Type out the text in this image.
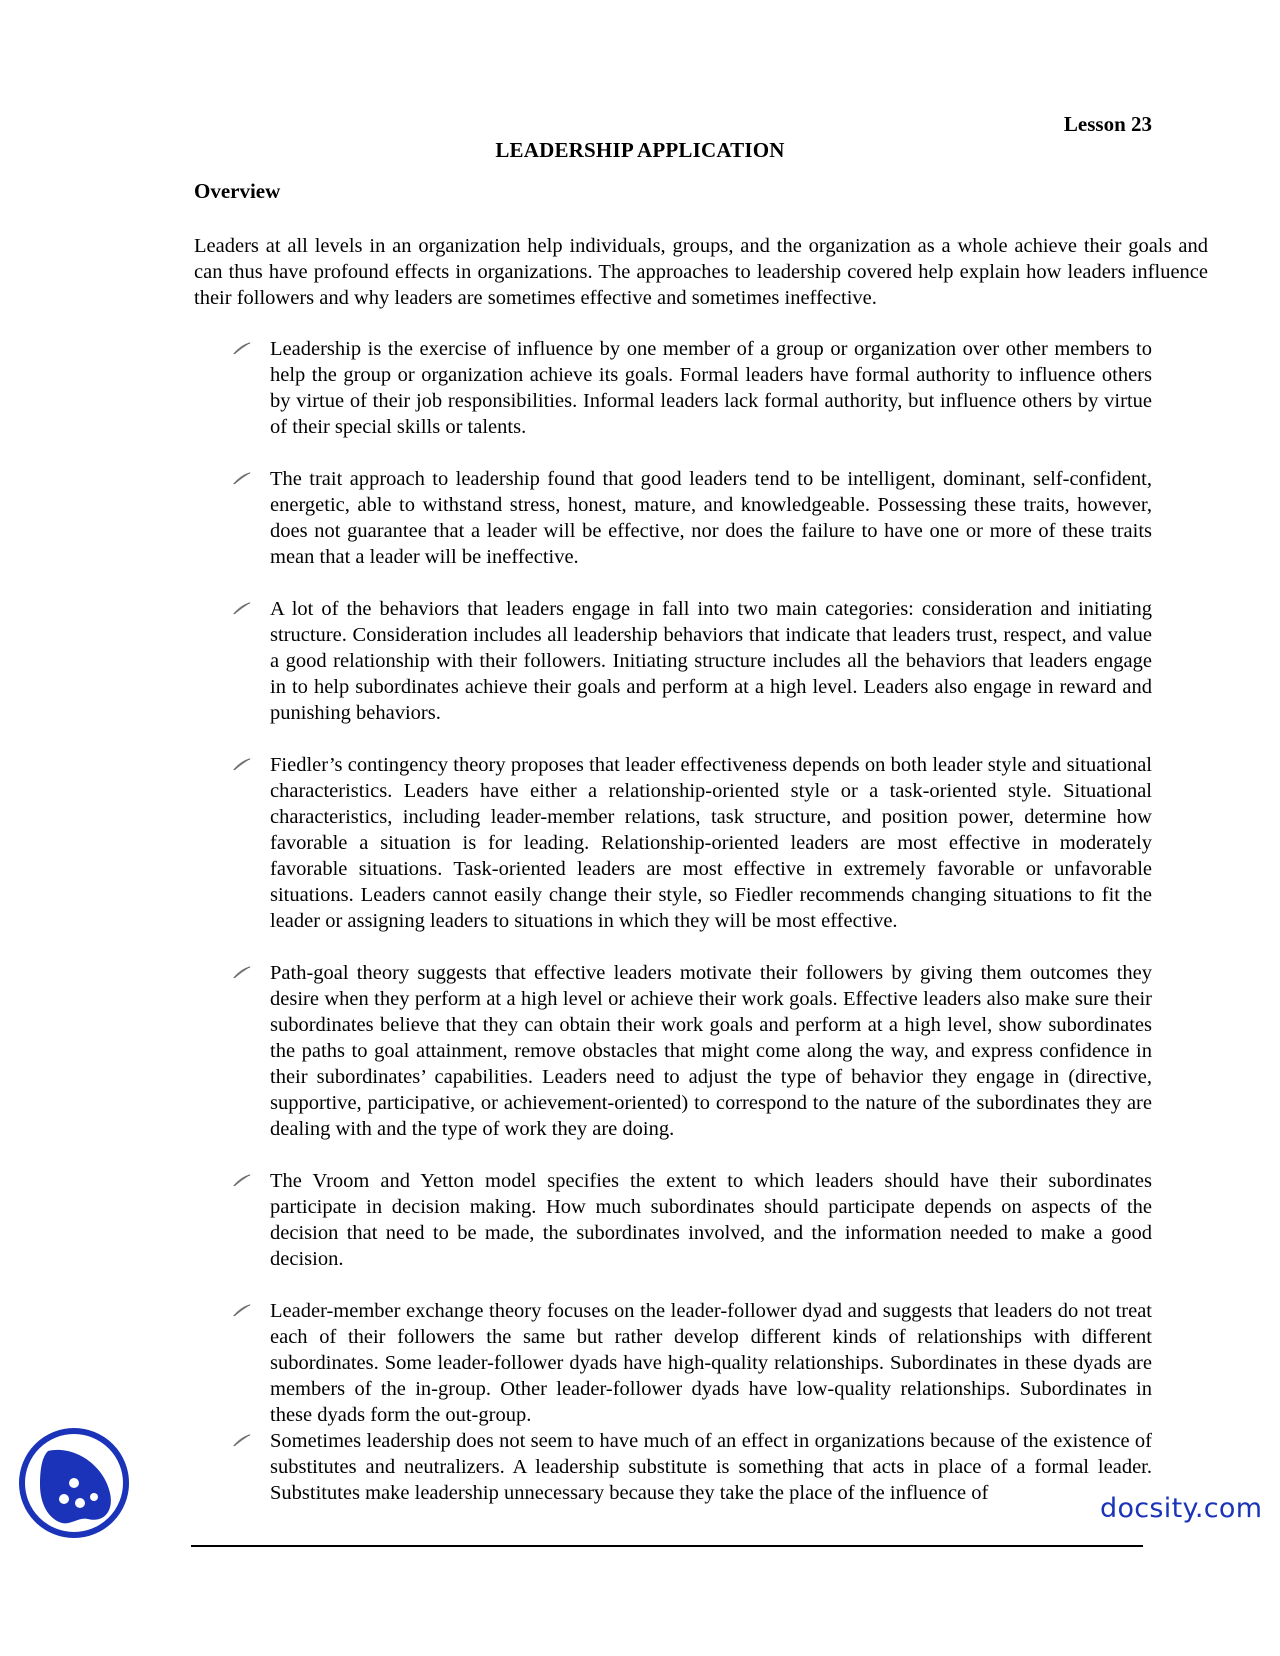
Lesson 23
LEADERSHIP APPLICATION
Overview

Leaders at all levels in an organization help individuals, groups, and the organization as a whole achieve their goals and can thus have profound effects in organizations. The approaches to leadership covered help explain how leaders influence their followers and why leaders are sometimes effective and sometimes ineffective.

Leadership is the exercise of influence by one member of a group or organization over other members to help the group or organization achieve its goals. Formal leaders have formal authority to influence others by virtue of their job responsibilities. Informal leaders lack formal authority, but influence others by virtue of their special skills or talents.
The trait approach to leadership found that good leaders tend to be intelligent, dominant, self-confident, energetic, able to withstand stress, honest, mature, and knowledgeable. Possessing these traits, however, does not guarantee that a leader will be effective, nor does the failure to have one or more of these traits mean that a leader will be ineffective.
A lot of the behaviors that leaders engage in fall into two main categories: consideration and initiating structure. Consideration includes all leadership behaviors that indicate that leaders trust, respect, and value a good relationship with their followers. Initiating structure includes all the behaviors that leaders engage in to help subordinates achieve their goals and perform at a high level. Leaders also engage in reward and punishing behaviors.
Fiedler’s contingency theory proposes that leader effectiveness depends on both leader style and situational characteristics. Leaders have either a relationship-oriented style or a task-oriented style. Situational characteristics, including leader-member relations, task structure, and position power, determine how favorable a situation is for leading. Relationship-oriented leaders are most effective in moderately favorable situations. Task-oriented leaders are most effective in extremely favorable or unfavorable situations. Leaders cannot easily change their style, so Fiedler recommends changing situations to fit the leader or assigning leaders to situations in which they will be most effective.
Path-goal theory suggests that effective leaders motivate their followers by giving them outcomes they desire when they perform at a high level or achieve their work goals. Effective leaders also make sure their subordinates believe that they can obtain their work goals and perform at a high level, show subordinates the paths to goal attainment, remove obstacles that might come along the way, and express confidence in their subordinates’ capabilities. Leaders need to adjust the type of behavior they engage in (directive, supportive, participative, or achievement-oriented) to correspond to the nature of the subordinates they are dealing with and the type of work they are doing.
The Vroom and Yetton model specifies the extent to which leaders should have their subordinates participate in decision making. How much subordinates should participate depends on aspects of the decision that need to be made, the subordinates involved, and the information needed to make a good decision.
Leader-member exchange theory focuses on the leader-follower dyad and suggests that leaders do not treat each of their followers the same but rather develop different kinds of relationships with different subordinates. Some leader-follower dyads have high-quality relationships. Subordinates in these dyads are members of the in-group. Other leader-follower dyads have low-quality relationships. Subordinates in these dyads form the out-group.
Sometimes leadership does not seem to have much of an effect in organizations because of the existence of substitutes and neutralizers. A leadership substitute is something that acts in place of a formal leader. Substitutes make leadership unnecessary because they take the place of the influence of	docsity.com
